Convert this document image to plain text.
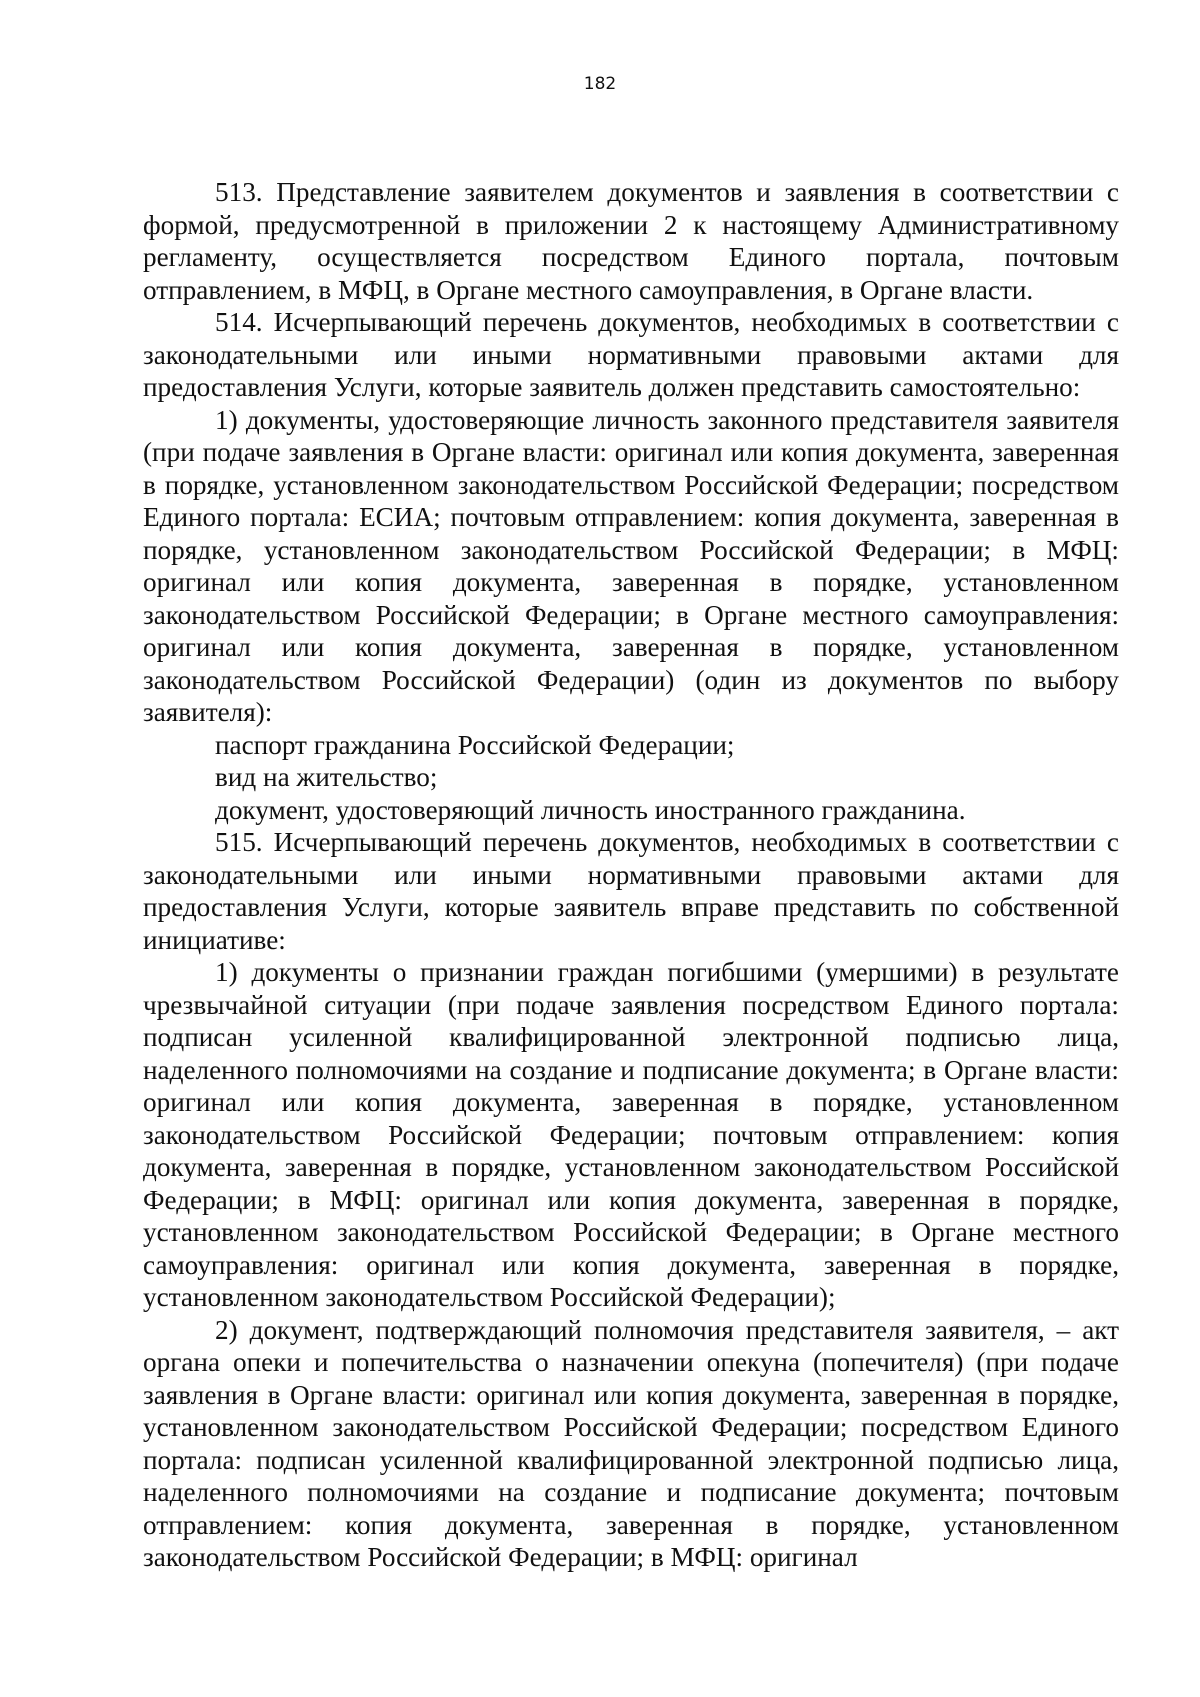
182

513. Представление заявителем документов и заявления в соответствии с формой, предусмотренной в приложении 2 к настоящему Административному регламенту, осуществляется посредством Единого портала, почтовым отправлением, в МФЦ, в Органе местного самоуправления, в Органе власти.

514. Исчерпывающий перечень документов, необходимых в соответствии с законодательными или иными нормативными правовыми актами для предоставления Услуги, которые заявитель должен представить самостоятельно:

1) документы, удостоверяющие личность законного представителя заявителя (при подаче заявления в Органе власти: оригинал или копия документа, заверенная в порядке, установленном законодательством Российской Федерации; посредством Единого портала: ЕСИА; почтовым отправлением: копия документа, заверенная в порядке, установленном законодательством Российской Федерации; в МФЦ: оригинал или копия документа, заверенная в порядке, установленном законодательством Российской Федерации; в Органе местного самоуправления: оригинал или копия документа, заверенная в порядке, установленном законодательством Российской Федерации) (один из документов по выбору заявителя):

паспорт гражданина Российской Федерации;

вид на жительство;

документ, удостоверяющий личность иностранного гражданина.

515. Исчерпывающий перечень документов, необходимых в соответствии с законодательными или иными нормативными правовыми актами для предоставления Услуги, которые заявитель вправе представить по собственной инициативе:

1) документы о признании граждан погибшими (умершими) в результате чрезвычайной ситуации (при подаче заявления посредством Единого портала: подписан усиленной квалифицированной электронной подписью лица, наделенного полномочиями на создание и подписание документа; в Органе власти: оригинал или копия документа, заверенная в порядке, установленном законодательством Российской Федерации; почтовым отправлением: копия документа, заверенная в порядке, установленном законодательством Российской Федерации; в МФЦ: оригинал или копия документа, заверенная в порядке, установленном законодательством Российской Федерации; в Органе местного самоуправления: оригинал или копия документа, заверенная в порядке, установленном законодательством Российской Федерации);

2) документ, подтверждающий полномочия представителя заявителя, – акт органа опеки и попечительства о назначении опекуна (попечителя) (при подаче заявления в Органе власти: оригинал или копия документа, заверенная в порядке, установленном законодательством Российской Федерации; посредством Единого портала: подписан усиленной квалифицированной электронной подписью лица, наделенного полномочиями на создание и подписание документа; почтовым отправлением: копия документа, заверенная в порядке, установленном законодательством Российской Федерации; в МФЦ: оригинал
